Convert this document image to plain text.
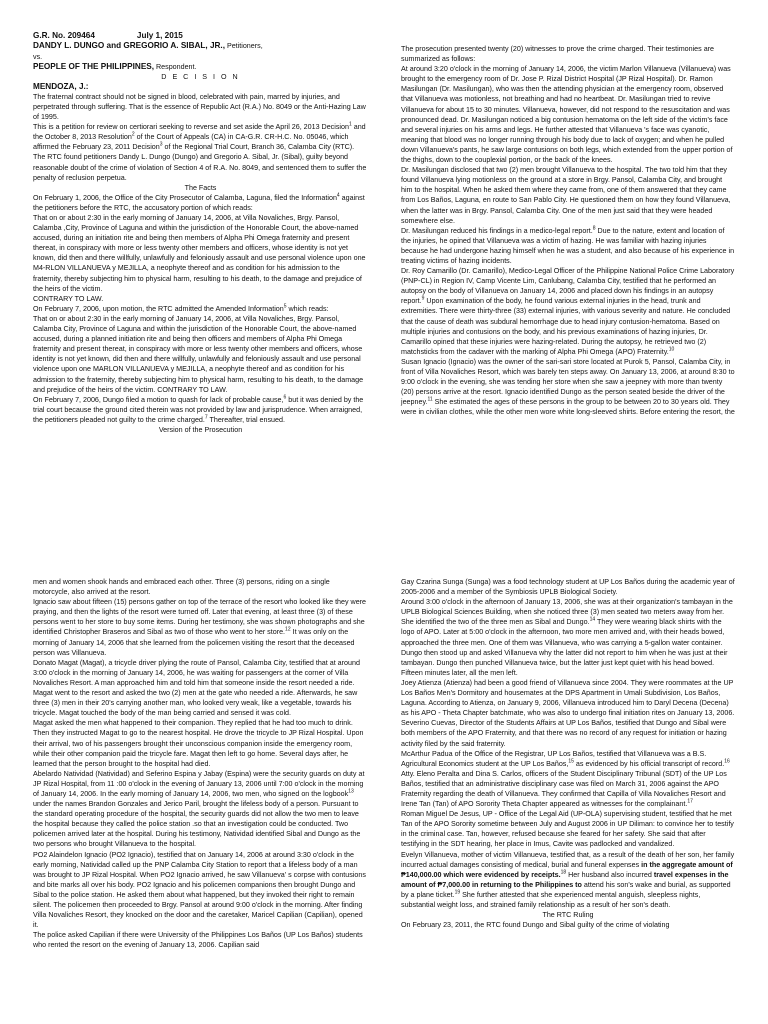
G.R. No. 209464	July 1, 2015
DANDY L. DUNGO and GREGORIO A. SIBAL, JR., Petitioners,
vs.
PEOPLE OF THE PHILIPPINES, Respondent.
D E C I S I O N
MENDOZA, J.:

The fraternal contract should not be signed in blood, celebrated with pain, marred by injuries, and perpetrated through suffering. That is the essence of Republic Act (R.A.) No. 8049 or the Anti-Hazing Law of 1995.

This is a petition for review on certiorari seeking to reverse and set aside the April 26, 2013 Decision$^1$ and the October 8, 2013 Resolution$^2$ of the Court of Appeals (CA) in CA-G.R. CR-H.C. No. 05046, which affirmed the February 23, 2011 Decision$^3$ of the Regional Trial Court, Branch 36, Calamba City (RTC). The RTC found petitioners Dandy L. Dungo (Dungo) and Gregorio A. Sibal, Jr. (Sibal), guilty beyond reasonable doubt of the crime of violation of Section 4 of R.A. No. 8049, and sentenced them to suffer the penalty of reclusion perpetua.

The Facts

On February 1, 2006, the Office of the City Prosecutor of Calamba, Laguna, filed the Information$^4$ against the petitioners before the RTC, the accusatory portion of which reads:

That on or about 2:30 in the early morning of January 14, 2006, at Villa Novaliches, Brgy. Pansol, Calamba ,City, Province of Laguna and within the jurisdiction of the Honorable Court, the above-named accused, during an initiation rite and being then members of Alpha Phi Omega fraternity and present thereat, in conspiracy with more or less twenty other members and officers, whose identity is not yet known, did then and there willfully, unlawfully and feloniously assault and use personal violence upon one M4-RLON VILLANUEVA y MEJILLA, a neophyte thereof and as condition for his admission to the fraternity, thereby subjecting him to physical harm, resulting to his death, to the damage and prejudice of the heirs of the victim.

CONTRARY TO LAW.

On February 7, 2006, upon motion, the RTC admitted the Amended Information$^5$ which reads:

That on or about 2:30 in the early morning of January 14, 2006, at Villa Novaliches, Brgy. Pansol, Calamba City, Province of Laguna and within the jurisdiction of the Honorable Court, the above-named accused, during a planned initiation rite and being then officers and members of Alpha Phi Omega fraternity and present thereat, in conspiracy with more or less twenty other members and officers, whose identity is not yet known, did then and there willfully, unlawfully and feloniously assault and use personal violence upon one MARLON VILLANUEVA y MEJILLA, a neophyte thereof and as condition for his admission to the fraternity, thereby subjecting him to physical harm, resulting to his death, to the damage and prejudice of the heirs of the victim. CONTRARY TO LAW.

On February 7, 2006, Dungo filed a motion to quash for lack of probable cause,$^6$ but it was denied by the trial court because the ground cited therein was not provided by law and jurisprudence. When arraigned, the petitioners pleaded not guilty to the crime charged.$^7$ Thereafter, trial ensued.

Version of the Prosecution

The prosecution presented twenty (20) witnesses to prove the crime charged. Their testimonies are summarized as follows:

At around 3:20 o'clock in the morning of January 14, 2006, the victim Marlon Villanueva (Villanueva) was brought to the emergency room of Dr. Jose P. Rizal District Hospital (JP Rizal Hospital). Dr. Ramon Masilungan (Dr. Masilungan), who was then the attending physician at the emergency room, observed that Villanueva was motionless, not breathing and had no heartbeat. Dr. Masilungan tried to revive Villanueva for about 15 to 30 minutes. Villanueva, however, did not respond to the resuscitation and was pronounced dead. Dr. Masilungan noticed a big contusion hematoma on the left side of the victim's face and several injuries on his arms and legs. He further attested that Villanueva 's face was cyanotic, meaning that blood was no longer running through his body due to lack of oxygen; and when he pulled down Villanueva's pants, he saw large contusions on both legs, which extended from the upper portion of the thighs, down to the couplexial portion, or the back of the knees.

Dr. Masilungan disclosed that two (2) men brought Villanueva to the hospital. The two told him that they found Villanueva lying motionless on the ground at a store in Brgy. Pansol, Calamba City, and brought him to the hospital. When he asked them where they came from, one of them answered that they came from Los Baños, Laguna, en route to San Pablo City. He questioned them on how they found Villanueva, when the latter was in Brgy. Pansol, Calamba City. One of the men just said that they were headed somewhere else.

Dr. Masilungan reduced his findings in a medico-legal report.$^8$ Due to the nature, extent and location of the injuries, he opined that Villanueva was a victim of hazing. He was familiar with hazing injuries because he had undergone hazing himself when he was a student, and also because of his experience in treating victims of hazing incidents.

Dr. Roy Camarillo (Dr. Camarillo), Medico-Legal Officer of the Philippine National Police Crime Laboratory (PNP-CL) in Region IV, Camp Vicente Lim, Canlubang, Calamba City, testified that he performed an autopsy on the body of Villanueva on January 14, 2006 and placed down his findings in an autopsy report.$^9$ Upon examination of the body, he found various external injuries in the head, trunk and extremities. There were thirty-three (33) external injuries, with various severity and nature. He concluded that the cause of death was subdural hemorrhage due to head injury contusion-hematoma. Based on multiple injuries and contusions on the body, and his previous examinations of hazing injuries, Dr. Camarillo opined that these injuries were hazing-related. During the autopsy, he retrieved two (2) matchsticks from the cadaver with the marking of Alpha Phi Omega (APO) Fraternity.$^{10}$

Susan Ignacio (Ignacio) was the owner of the sari-sari store located at Purok 5, Pansol, Calamba City, in front of Villa Novaliches Resort, which was barely ten steps away. On January 13, 2006, at around 8:30 to 9:00 o'clock in the evening, she was tending her store when she saw a jeepney with more than twenty (20) persons arrive at the resort. Ignacio identified Dungo as the person seated beside the driver of the jeepney.$^{11}$ She estimated the ages of these persons in the group to be between 20 to 30 years old. They were in civilian clothes, while the other men wore white long-sleeved shirts. Before entering the resort, the

men and women shook hands and embraced each other. Three (3) persons, riding on a single motorcycle, also arrived at the resort.

Ignacio saw about fifteen (15) persons gather on top of the terrace of the resort who looked like they were praying, and then the lights of the resort were turned off. Later that evening, at least three (3) of these persons went to her store to buy some items. During her testimony, she was shown photographs and she identified Christopher Braseros and Sibal as two of those who went to her store.$^{12}$ It was only on the morning of January 14, 2006 that she learned from the policemen visiting the resort that the deceased person was Villanueva.

Donato Magat (Magat), a tricycle driver plying the route of Pansol, Calamba City, testified that at around 3:00 o'clock in the morning of January 14, 2006, he was waiting for passengers at the corner of Villa Novaliches Resort. A man approached him and told him that someone inside the resort needed a ride. Magat went to the resort and asked the two (2) men at the gate who needed a ride. Afterwards, he saw three (3) men in their 20's carrying another man, who looked very weak, like a vegetable, towards his tricycle. Magat touched the body of the man being carried and sensed it was cold.

Magat asked the men what happened to their companion. They replied that he had too much to drink. Then they instructed Magat to go to the nearest hospital. He drove the tricycle to JP Rizal Hospital. Upon their arrival, two of his passengers brought their unconscious companion inside the emergency room, while their other companion paid the tricycle fare. Magat then left to go home. Several days after, he learned that the person brought to the hospital had died.

Abelardo Natividad (Natividad) and Seferino Espina y Jabay (Espina) were the security guards on duty at JP Rizal Hospital, from 11 :00 o'clock in the evening of January 13, 2006 until 7:00 o'clock in the morning of January 14, 2006. In the early morning of January 14, 2006, two men, who signed on the logbook$^{13}$ under the names Brandon Gonzales and Jerico Paril, brought the lifeless body of a person. Pursuant to the standard operating procedure of the hospital, the security guards did not allow the two men to leave the hospital because they called the police station .so that an investigation could be conducted. Two policemen arrived later at the hospital. During his testimony, Natividad identified Sibal and Dungo as the two persons who brought Villanueva to the hospital.

PO2 Alaindelon Ignacio (PO2 Ignacio), testified that on January 14, 2006 at around 3:30 o'clock in the early morning, Natividad called up the PNP Calamba City Station to report that a lifeless body of a man was brought to JP Rizal Hospital. When PO2 Ignacio arrived, he saw Villanueva' s corpse with contusions and bite marks all over his body. PO2 Ignacio and his policemen companions then brought Dungo and Sibal to the police station. He asked them about what happened, but they invoked their right to remain silent. The policemen then proceeded to Brgy. Pansol at around 9:00 o'clock in the morning. After finding Villa Novaliches Resort, they knocked on the door and the caretaker, Maricel Capilian (Capilian), opened it.

The police asked Capilian if there were University of the Philippines Los Baños (UP Los Baños) students who rented the resort on the evening of January 13, 2006. Capilian said

Gay Czarina Sunga (Sunga) was a food technology student at UP Los Baños during the academic year of 2005-2006 and a member of the Symbiosis UPLB Biological Society.

Around 3:00 o'clock in the afternoon of January 13, 2006, she was at their organization's tambayan in the UPLB Biological Sciences Building, when she noticed three (3) men seated two meters away from her. She identified the two of the three men as Sibal and Dungo.$^{14}$ They were wearing black shirts with the logo of APO. Later at 5:00 o'clock in the afternoon, two more men arrived and, with their heads bowed, approached the three men. One of them was Villanueva, who was carrying a 5-gallon water container. Dungo then stood up and asked Villanueva why the latter did not report to him when he was just at their tambayan. Dungo then punched Villanueva twice, but the latter just kept quiet with his head bowed. Fifteen minutes later, all the men left.

Joey Atienza (Atienza) had been a good friend of Villanueva since 2004. They were roommates at the UP Los Baños Men's Dormitory and housemates at the DPS Apartment in Umali Subdivision, Los Baños, Laguna. According to Atienza, on January 9, 2006, Villanueva introduced him to Daryl Decena (Decena) as his APO - Theta Chapter batchmate, who was also to undergo final initiation rites on January 13, 2006.

Severino Cuevas, Director of the Students Affairs at UP Los Baños, testified that Dungo and Sibal were both members of the APO Fraternity, and that there was no record of any request for initiation or hazing activity filed by the said fraternity.

McArthur Padua of the Office of the Registrar, UP Los Baños, testified that Villanueva was a B.S. Agricultural Economics student at the UP Los Baños,$^{15}$ as evidenced by his official transcript of record.$^{16}$

Atty. Eleno Peralta and Dina S. Carlos, officers of the Student Disciplinary Tribunal (SDT) of the UP Los Baños, testified that an administrative disciplinary case was filed on March 31, 2006 against the APO Fraternity regarding the death of Villanueva. They confirmed that Capilla of Villa Novaliches Resort and Irene Tan (Tan) of APO Sorority Theta Chapter appeared as witnesses for the complainant.$^{17}$

Roman Miguel De Jesus, UP - Office of the Legal Aid (UP-OLA) supervising student, testified that he met Tan of the APO Sorority sometime between July and August 2006 in UP Diliman: to convince her to testify in the criminal case. Tan, however, refused because she feared for her safety. She said that after testifying in the SDT hearing, her place in Imus, Cavite was padlocked and vandalized.

Evelyn Villanueva, mother of victim Villanueva, testified that, as a result of the death of her son, her family incurred actual damages consisting of medical, burial and funeral expenses in the aggregate amount of ₱140,000.00 which were evidenced by receipts.$^{18}$ Her husband also incurred travel expenses in the amount of ₱7,000.00 in returning to the Philippines to attend his son's wake and burial, as supported by a plane ticket.$^{19}$ She further attested that she experienced mental anguish, sleepless nights, substantial weight loss, and strained family relationship as a result of her son's death.

The RTC Ruling

On February 23, 2011, the RTC found Dungo and Sibal guilty of the crime of violating
